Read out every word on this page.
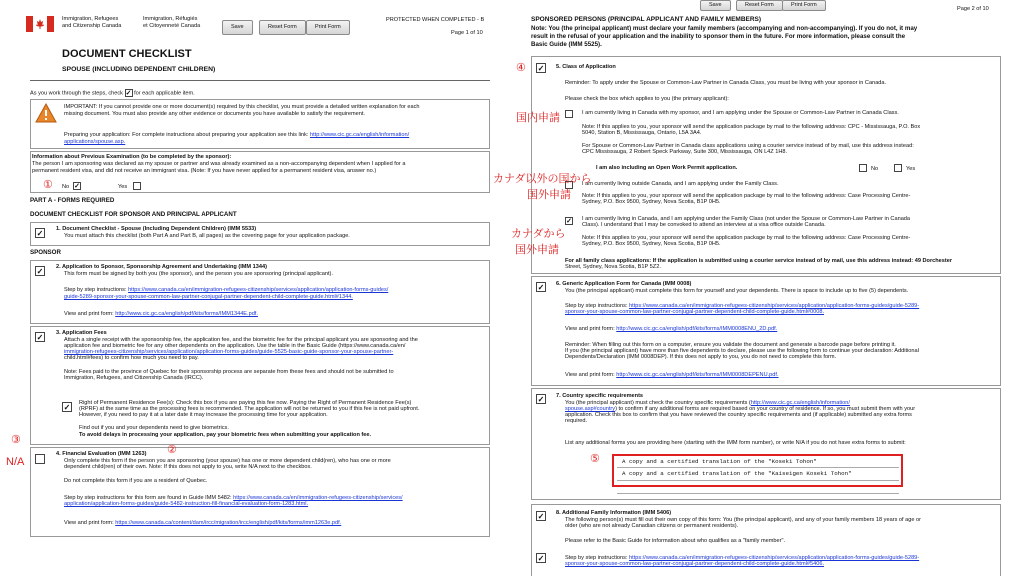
Immigration, Refugees
and Citizenship Canada
Immigration, Réfugiés
et Citoyenneté Canada	Save	Reset Form	Print Form
PROTECTED WHEN COMPLETED - B
Page 1 of 10
DOCUMENT CHECKLIST
SPOUSE (INCLUDING DEPENDENT CHILDREN)
As you work through the steps, check ✓ for each applicable item.
IMPORTANT: If you cannot provide one or more document(s) required by this checklist, you must provide a detailed written explanation for each
missing document. You must also provide any other evidence or documents you have available to satisfy the requirement.
Preparing your application: For complete instructions about preparing your application see this link: http://www.cic.gc.ca/english/information/
applications/spouse.asp.
Information about Previous Examination (to be completed by the sponsor):
The person I am sponsoring was declared as my spouse or partner and was already examined as a non-accompanying dependent when I applied for a
permanent resident visa, and did not receive an immigrant visa. (Note: If you have never applied for a permanent resident visa, answer no.)
No ✓	Yes
PART A - FORMS REQUIRED
DOCUMENT CHECKLIST FOR SPONSOR AND PRINCIPAL APPLICANT
✓ 1. Document Checklist - Spouse (Including Dependent Children) (IMM 5533)
You must attach this checklist (both Part A and Part B, all pages) as the covering page for your application package.
SPONSOR
✓ 2. Application to Sponsor, Sponsorship Agreement and Undertaking (IMM 1344)
This form must be signed by both you (the sponsor), and the person you are sponsoring (principal applicant).
Step by step instructions: https://www.canada.ca/en/immigration-refugees-citizenship/services/application/application-forms-guides/
guide-5289-sponsor-your-spouse-common-law-partner-conjugal-partner-dependent-child-complete-guide.html#1344.
View and print form: http://www.cic.gc.ca/english/pdf/kits/forms/IMM1344E.pdf.
✓ 3. Application Fees
Attach a single receipt with the sponsorship fee, the application fee, and the biometric fee for the principal applicant you are sponsoring and the
application fee and biometric fee for any other dependents on the application. Use the table in the Basic Guide (https://www.canada.ca/en/
immigration-refugees-citizenship/services/application/application-forms-guides/guide-5525-basic-guide-sponsor-your-spouse-partner-
child.html#fees) to confirm how much you need to pay.
Note: Fees paid to the province of Quebec for their sponsorship process are separate from these fees and should not be submitted to
Immigration, Refugees, and Citizenship Canada (IRCC).
✓ Right of Permanent Residence Fee(s): Check this box if you are paying this fee now. Paying the Right of Permanent Residence Fee(s)
(RPRF) at the same time as the processing fees is recommended. The application will not be returned to you if this fee is not paid upfront.
However, if you need to pay it at a later date it may increase the processing time for your application.
Find out if you and your dependents need to give biometrics.
To avoid delays in processing your application, pay your biometric fees when submitting your application fee.
4. Financial Evaluation (IMM 1263)
Only complete this form if the person you are sponsoring (your spouse) has one or more dependent child(ren), who has one or more
dependent child(ren) of their own. Note: If this does not apply to you, write N/A next to the checkbox.
Do not complete this form if you are a resident of Quebec.
Step by step instructions for this form are found in Guide IMM 5482: https://www.canada.ca/en/immigration-refugees-citizenship/services/
application/application-forms-guides/guide-5482-instruction-fill-financial-evaluation-form-1283.html.
View and print form: https://www.canada.ca/content/dam/ircc/migration/ircc/english/pdf/kits/forms/imm1263e.pdf.
①
②
③
N/A
Save	Reset Form	Print Form
Page 2 of 10
SPONSORED PERSONS (PRINCIPAL APPLICANT AND FAMILY MEMBERS)
Note: You (the principal applicant) must declare your family members (accompanying and non-accompanying). If you do not, it may
result in the refusal of your application and the inability to sponsor them in the future. For more information, please consult the
Basic Guide (IMM 5525).
✓ 5. Class of Application
Reminder: To apply under the Spouse or Common-Law Partner in Canada Class, you must be living with your sponsor in Canada.
Please check the box which applies to you (the primary applicant):
I am currently living in Canada with my sponsor, and I am applying under the Spouse or Common-Law Partner in Canada Class.
Note: If this applies to you, your sponsor will send the application package by mail to the following address: CPC - Mississauga, P.O. Box
5040, Station B, Mississauga, Ontario, L5A 3A4.
For Spouse or Common-Law Partner in Canada class applications using a courier service instead of by mail, use this address instead:
CPC Mississauga, 2 Robert Speck Parkway, Suite 300, Mississauga, ON L4Z 1H8.
I am also including an Open Work Permit application.	No	Yes
I am currently living outside Canada, and I am applying under the Family Class.
Note: If this applies to you, your sponsor will send the application package by mail to the following address: Case Processing Centre-
Sydney, P.O. Box 9500, Sydney, Nova Scotia, B1P 0H5.
✓ I am currently living in Canada, and I am applying under the Family Class (not under the Spouse or Common-Law Partner in Canada
Class). I understand that I may be convoked to attend an interview at a visa office outside Canada.
Note: If this applies to you, your sponsor will send the application package by mail to the following address: Case Processing Centre-
Sydney, P.O. Box 9500, Sydney, Nova Scotia, B1P 0H5.
For all family class applications: If the application is submitted using a courier service instead of by mail, use this address instead: 49 Dorchester
Street, Sydney, Nova Scotia, B1P 5Z2.
✓ 6. Generic Application Form for Canada (IMM 0008)
You (the principal applicant) must complete this form for yourself and your dependents. There is space to include up to five (5) dependents.
Step by step instructions: https://www.canada.ca/en/immigration-refugees-citizenship/services/application/application-forms-guides/guide-5289-
sponsor-your-spouse-common-law-partner-conjugal-partner-dependent-child-complete-guide.html#0008.
View and print form: http://www.cic.gc.ca/english/pdf/kits/forms/IMM0008ENU_2D.pdf.
Reminder: When filling out this form on a computer, ensure you validate the document and generate a barcode page before printing it.
If you (the principal applicant) have more than five dependents to declare, please use the following form to continue your declaration: Additional
Dependents/Declaration (IMM 0008DEP). If this does not apply to you, you do not need to complete this form.
View and print form: http://www.cic.gc.ca/english/pdf/kits/forms/IMM0008DEPENU.pdf.
✓ 7. Country specific requirements
You (the principal applicant) must check the country specific requirements (http://www.cic.gc.ca/english/information/
spouse.asp#country) to confirm if any additional forms are required based on your country of residence. If so, you must submit them with your
application. Check this box to confirm that you have reviewed the country specific requirements and (if applicable) submitted any extra forms
required.
List any additional forms you are providing here (starting with the IMM form number), or write N/A if you do not have extra forms to submit:
A copy and a certified translation of the "Koseki Tohon"
A copy and a certified translation of the "Kaiseigen Koseki Tohon"
✓ 8. Additional Family Information (IMM 5406)
The following person(s) must fill out their own copy of this form: You (the principal applicant), and any of your family members 18 years of age or
older (who are not already Canadian citizens or permanent residents).
Please refer to the Basic Guide for information about who qualifies as a "family member".
✓	Step by step instructions: https://www.canada.ca/en/immigration-refugees-citizenship/services/application/application-forms-guides/guide-5289-
sponsor-your-spouse-common-law-partner-conjugal-partner-dependent-child-complete-guide.html#5406.
④
⑤
国内申請
カナダ以外の国から
国外申請
カナダから
国外申請
